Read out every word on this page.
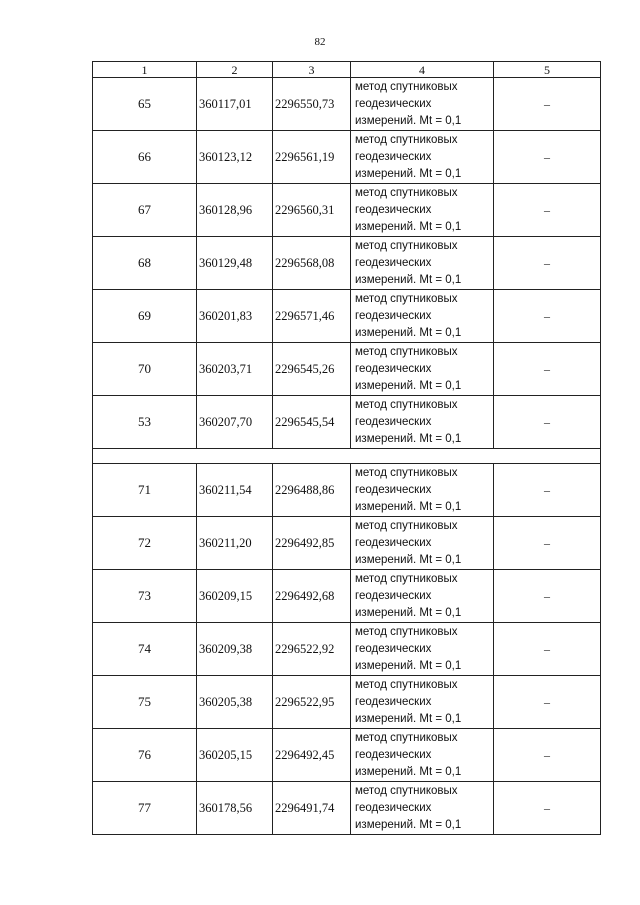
82
1	2	3	4	5
65	360117,01	2296550,73	метод спутниковых
геодезических
измерений. Mt = 0,1	–
66	360123,12	2296561,19	метод спутниковых
геодезических
измерений. Mt = 0,1	–
67	360128,96	2296560,31	метод спутниковых
геодезических
измерений. Mt = 0,1	–
68	360129,48	2296568,08	метод спутниковых
геодезических
измерений. Mt = 0,1	–
69	360201,83	2296571,46	метод спутниковых
геодезических
измерений. Mt = 0,1	–
70	360203,71	2296545,26	метод спутниковых
геодезических
измерений. Mt = 0,1	–
53	360207,70	2296545,54	метод спутниковых
геодезических
измерений. Mt = 0,1	–

71	360211,54	2296488,86	метод спутниковых
геодезических
измерений. Mt = 0,1	–
72	360211,20	2296492,85	метод спутниковых
геодезических
измерений. Mt = 0,1	–
73	360209,15	2296492,68	метод спутниковых
геодезических
измерений. Mt = 0,1	–
74	360209,38	2296522,92	метод спутниковых
геодезических
измерений. Mt = 0,1	–
75	360205,38	2296522,95	метод спутниковых
геодезических
измерений. Mt = 0,1	–
76	360205,15	2296492,45	метод спутниковых
геодезических
измерений. Mt = 0,1	–
77	360178,56	2296491,74	метод спутниковых
геодезических
измерений. Mt = 0,1	–
